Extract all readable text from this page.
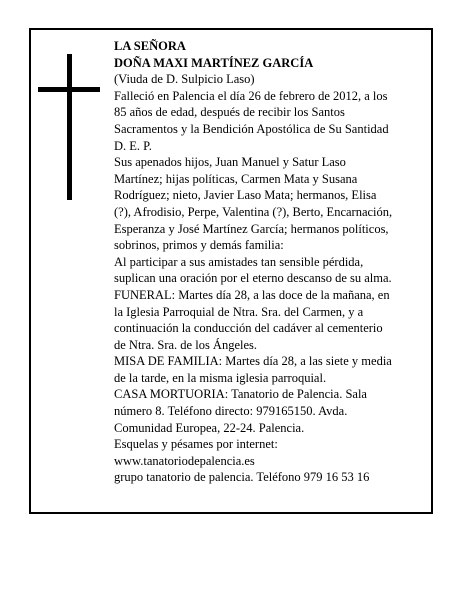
LA SEÑORA
DOÑA MAXI MARTÍNEZ GARCÍA
(Viuda de D. Sulpicio Laso)
Falleció en Palencia el día 26 de febrero de 2012, a los
85 años de edad, después de recibir los Santos
Sacramentos y la Bendición Apostólica de Su Santidad
D. E. P.
Sus apenados hijos, Juan Manuel y Satur Laso
Martínez; hijas políticas, Carmen Mata y Susana
Rodríguez; nieto, Javier Laso Mata; hermanos, Elisa
(?), Afrodisio, Perpe, Valentina (?), Berto, Encarnación,
Esperanza y José Martínez García; hermanos políticos,
sobrinos, primos y demás familia:
Al participar a sus amistades tan sensible pérdida,
suplican una oración por el eterno descanso de su alma.
FUNERAL: Martes día 28, a las doce de la mañana, en
la Iglesia Parroquial de Ntra. Sra. del Carmen, y a
continuación la conducción del cadáver al cementerio
de Ntra. Sra. de los Ángeles.
MISA DE FAMILIA: Martes día 28, a las siete y media
de la tarde, en la misma iglesia parroquial.
CASA MORTUORIA: Tanatorio de Palencia. Sala
número 8. Teléfono directo: 979165150. Avda.
Comunidad Europea, 22-24. Palencia.
Esquelas y pésames por internet:
www.tanatoriodepalencia.es
grupo tanatorio de palencia. Teléfono 979 16 53 16
